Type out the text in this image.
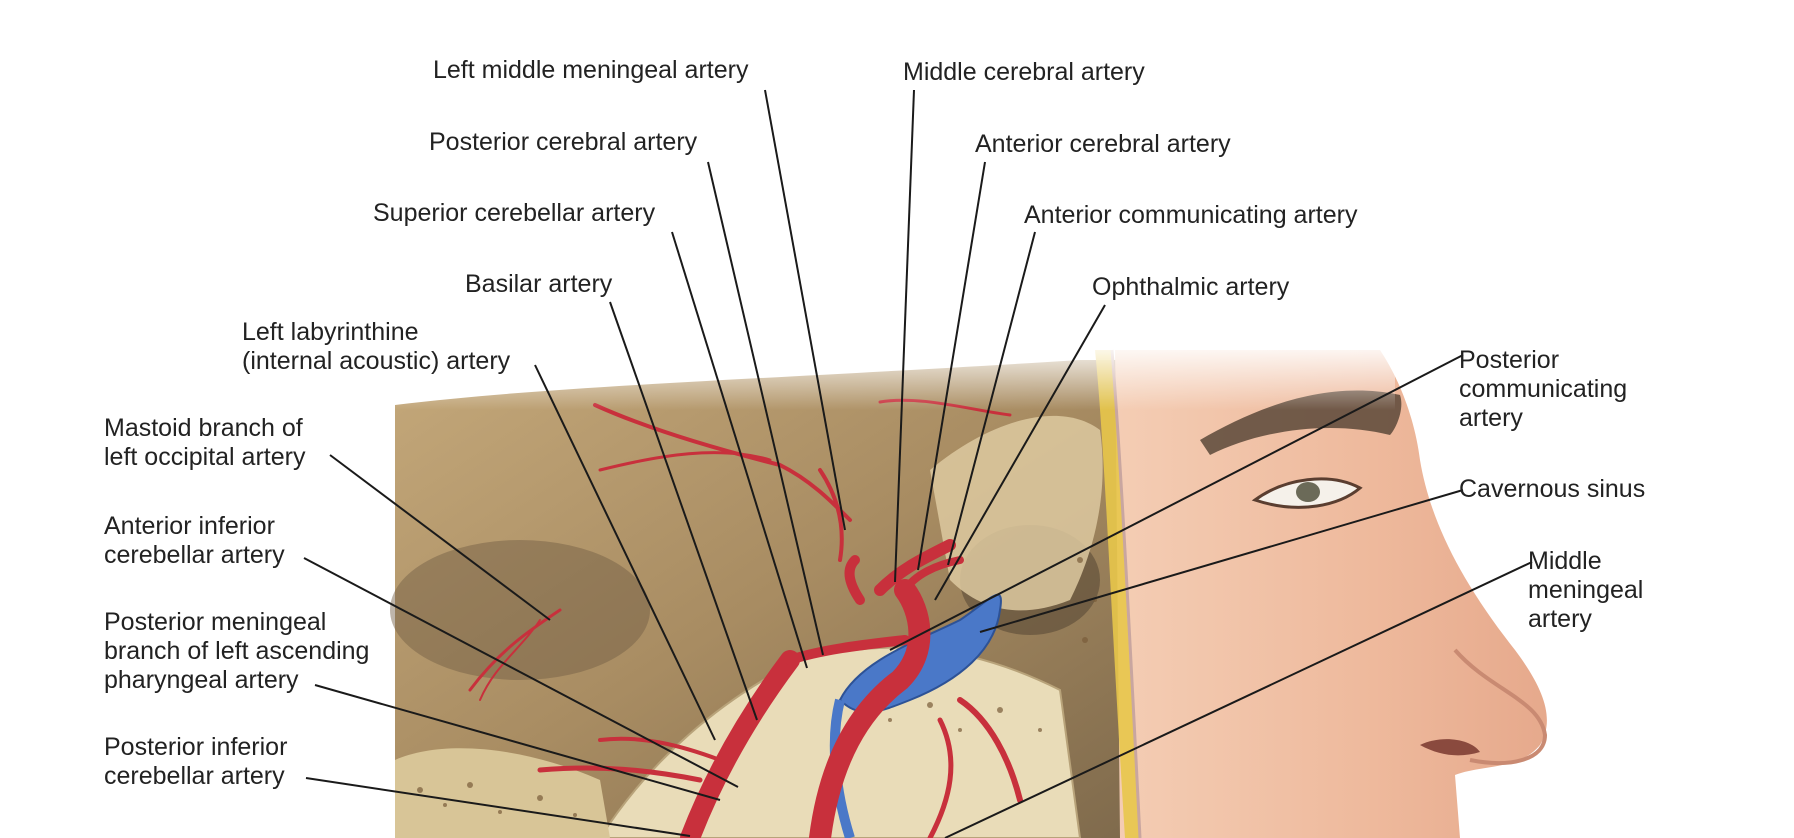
Left middle meningeal artery
Posterior cerebral artery
Superior cerebellar artery
Basilar artery
Left labyrinthine
(internal acoustic) artery
Mastoid branch of
left occipital artery
Anterior inferior
cerebellar artery
Posterior meningeal
branch of left ascending
pharyngeal artery
Posterior inferior
cerebellar artery
Middle cerebral artery
Anterior cerebral artery
Anterior communicating artery
Ophthalmic artery
Posterior
communicating
artery
Cavernous sinus
Middle
meningeal
artery
